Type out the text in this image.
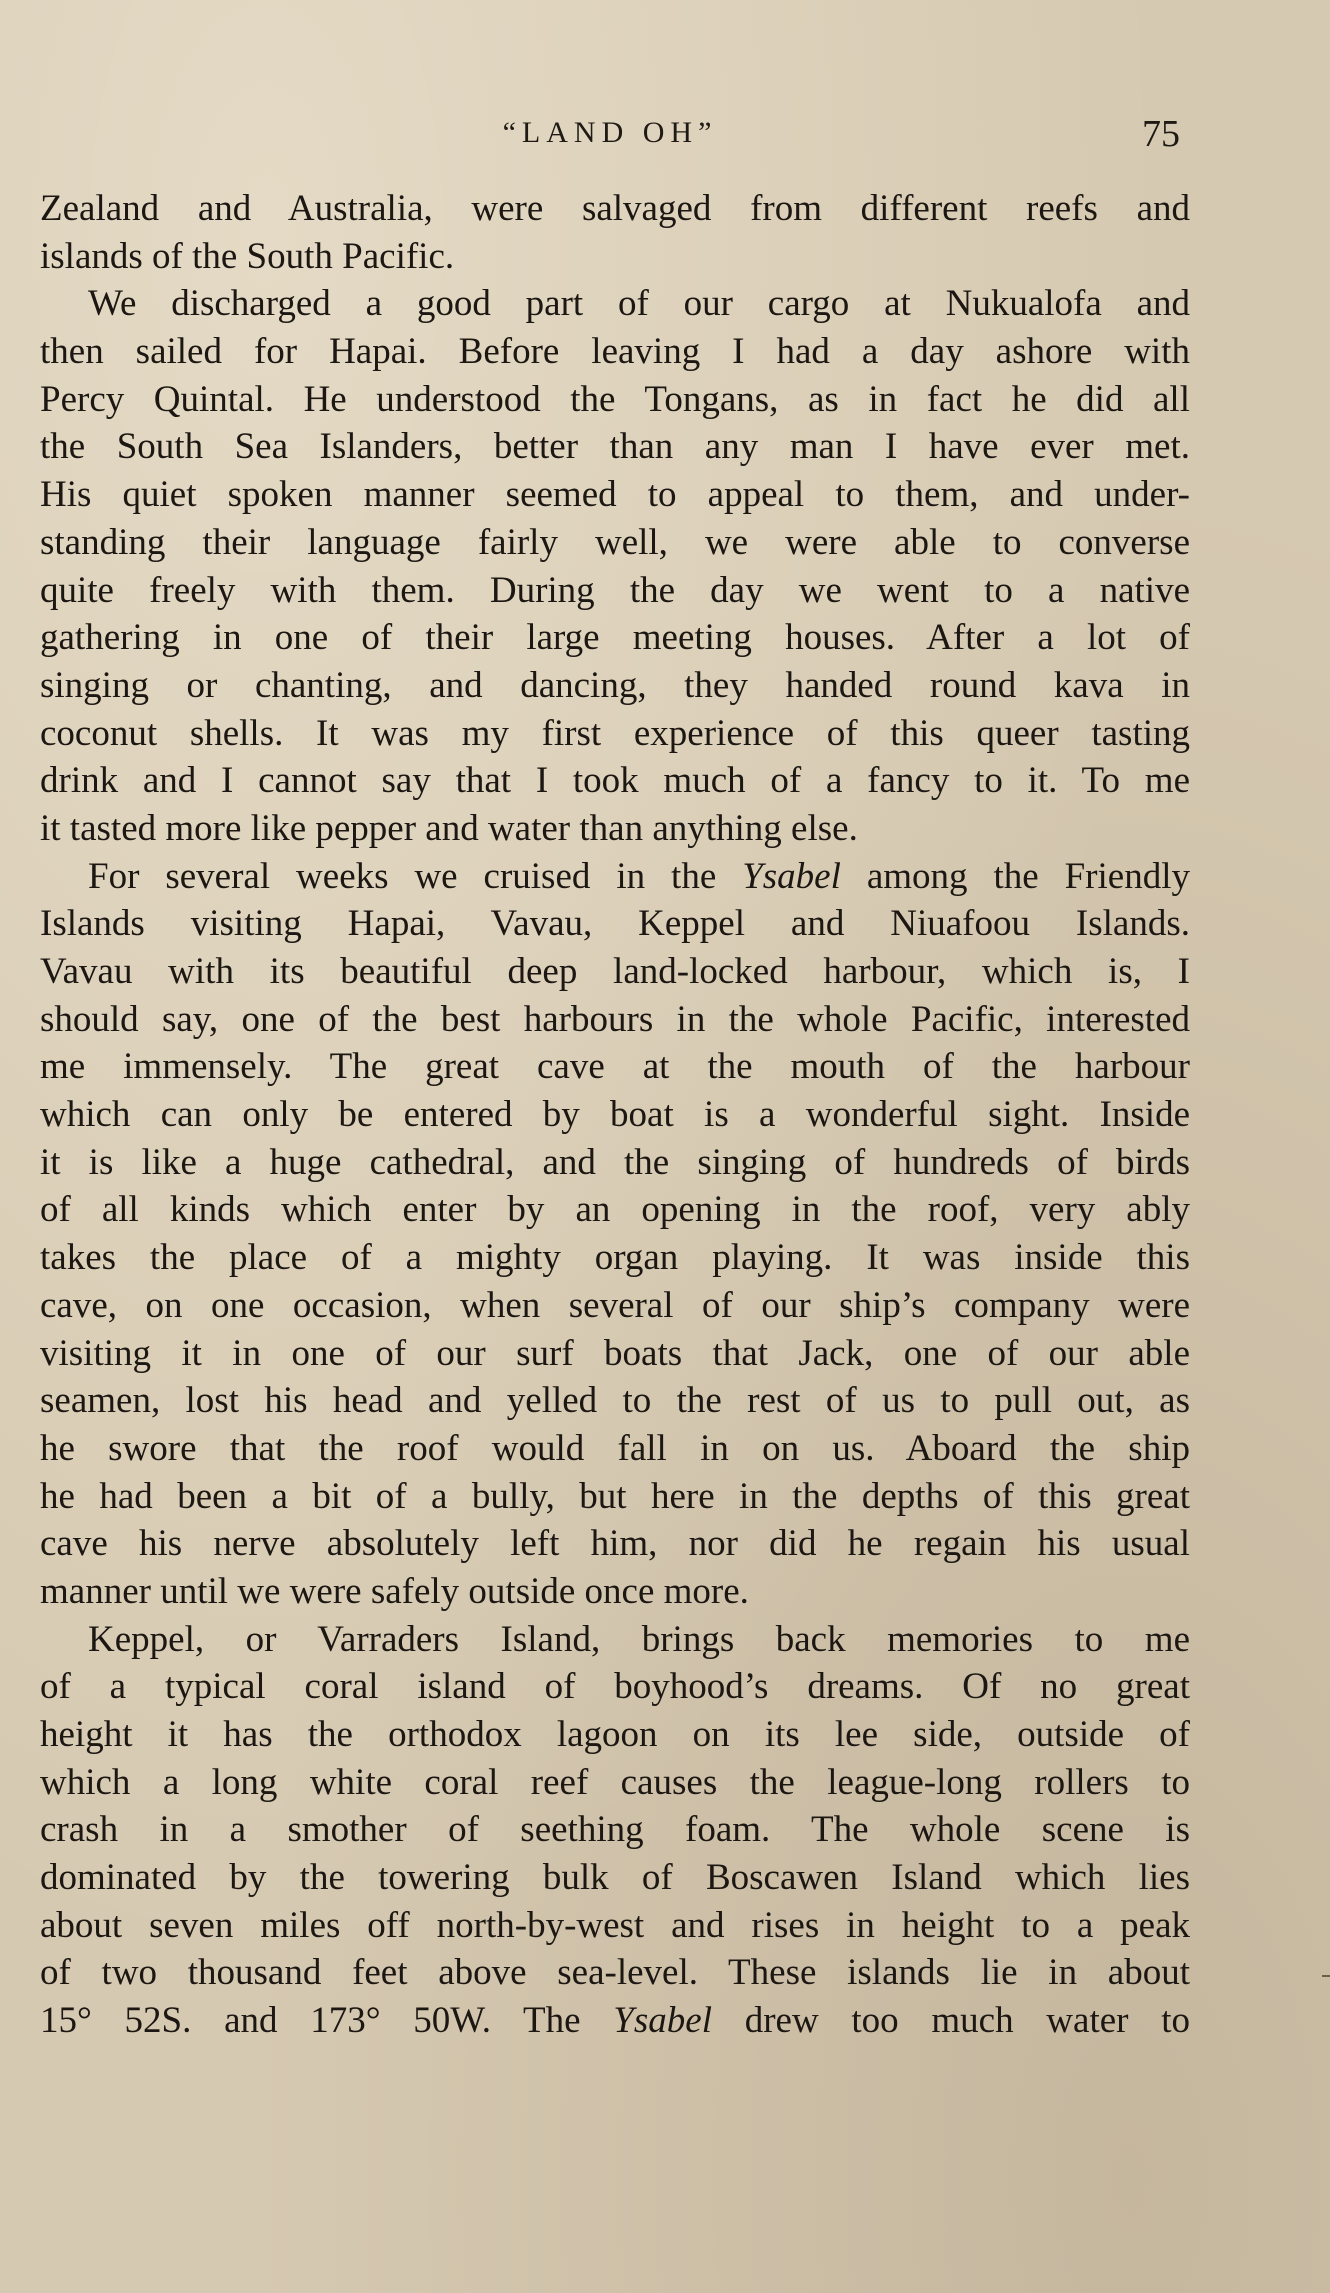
“LAND OH”	75
Zealand and Australia, were salvaged from different reefs and
islands of the South Pacific.
We discharged a good part of our cargo at Nukualofa and
then sailed for Hapai. Before leaving I had a day ashore with
Percy Quintal. He understood the Tongans, as in fact he did all
the South Sea Islanders, better than any man I have ever met.
His quiet spoken manner seemed to appeal to them, and under-
standing their language fairly well, we were able to converse
quite freely with them. During the day we went to a native
gathering in one of their large meeting houses. After a lot of
singing or chanting, and dancing, they handed round kava in
coconut shells. It was my first experience of this queer tasting
drink and I cannot say that I took much of a fancy to it. To me
it tasted more like pepper and water than anything else.
For several weeks we cruised in the Ysabel among the Friendly
Islands visiting Hapai, Vavau, Keppel and Niuafoou Islands.
Vavau with its beautiful deep land-locked harbour, which is, I
should say, one of the best harbours in the whole Pacific, interested
me immensely. The great cave at the mouth of the harbour
which can only be entered by boat is a wonderful sight. Inside
it is like a huge cathedral, and the singing of hundreds of birds
of all kinds which enter by an opening in the roof, very ably
takes the place of a mighty organ playing. It was inside this
cave, on one occasion, when several of our ship’s company were
visiting it in one of our surf boats that Jack, one of our able
seamen, lost his head and yelled to the rest of us to pull out, as
he swore that the roof would fall in on us. Aboard the ship
he had been a bit of a bully, but here in the depths of this great
cave his nerve absolutely left him, nor did he regain his usual
manner until we were safely outside once more.
Keppel, or Varraders Island, brings back memories to me
of a typical coral island of boyhood’s dreams. Of no great
height it has the orthodox lagoon on its lee side, outside of
which a long white coral reef causes the league-long rollers to
crash in a smother of seething foam. The whole scene is
dominated by the towering bulk of Boscawen Island which lies
about seven miles off north-by-west and rises in height to a peak
of two thousand feet above sea-level. These islands lie in about
15° 52S. and 173° 50W. The Ysabel drew too much water to
